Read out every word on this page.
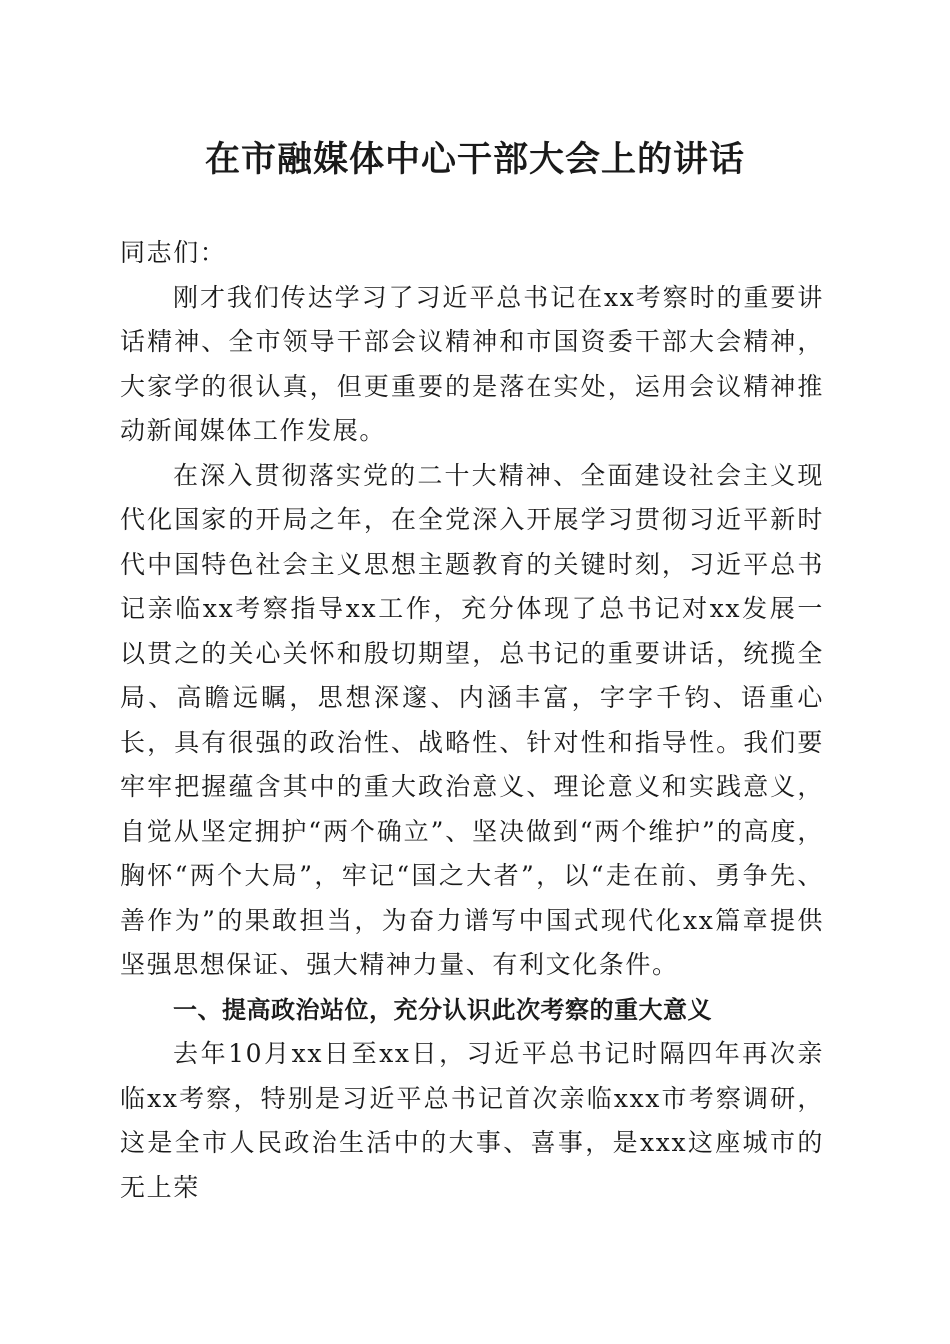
在市融媒体中心干部大会上的讲话

同志们：

刚才我们传达学习了习近平总书记在xx考察时的重要讲话精神、全市领导干部会议精神和市国资委干部大会精神，大家学的很认真，但更重要的是落在实处，运用会议精神推动新闻媒体工作发展。

在深入贯彻落实党的二十大精神、全面建设社会主义现代化国家的开局之年，在全党深入开展学习贯彻习近平新时代中国特色社会主义思想主题教育的关键时刻，习近平总书记亲临xx考察指导xx工作，充分体现了总书记对xx发展一以贯之的关心关怀和殷切期望，总书记的重要讲话，统揽全局、高瞻远瞩，思想深邃、内涵丰富，字字千钧、语重心长，具有很强的政治性、战略性、针对性和指导性。我们要牢牢把握蕴含其中的重大政治意义、理论意义和实践意义，自觉从坚定拥护“两个确立”、坚决做到“两个维护”的高度，胸怀“两个大局”，牢记“国之大者”，以“走在前、勇争先、善作为”的果敢担当，为奋力谱写中国式现代化xx篇章提供坚强思想保证、强大精神力量、有利文化条件。

一、提高政治站位，充分认识此次考察的重大意义

去年10月xx日至xx日，习近平总书记时隔四年再次亲临xx考察，特别是习近平总书记首次亲临xxx市考察调研，这是全市人民政治生活中的大事、喜事，是xxx这座城市的无上荣
